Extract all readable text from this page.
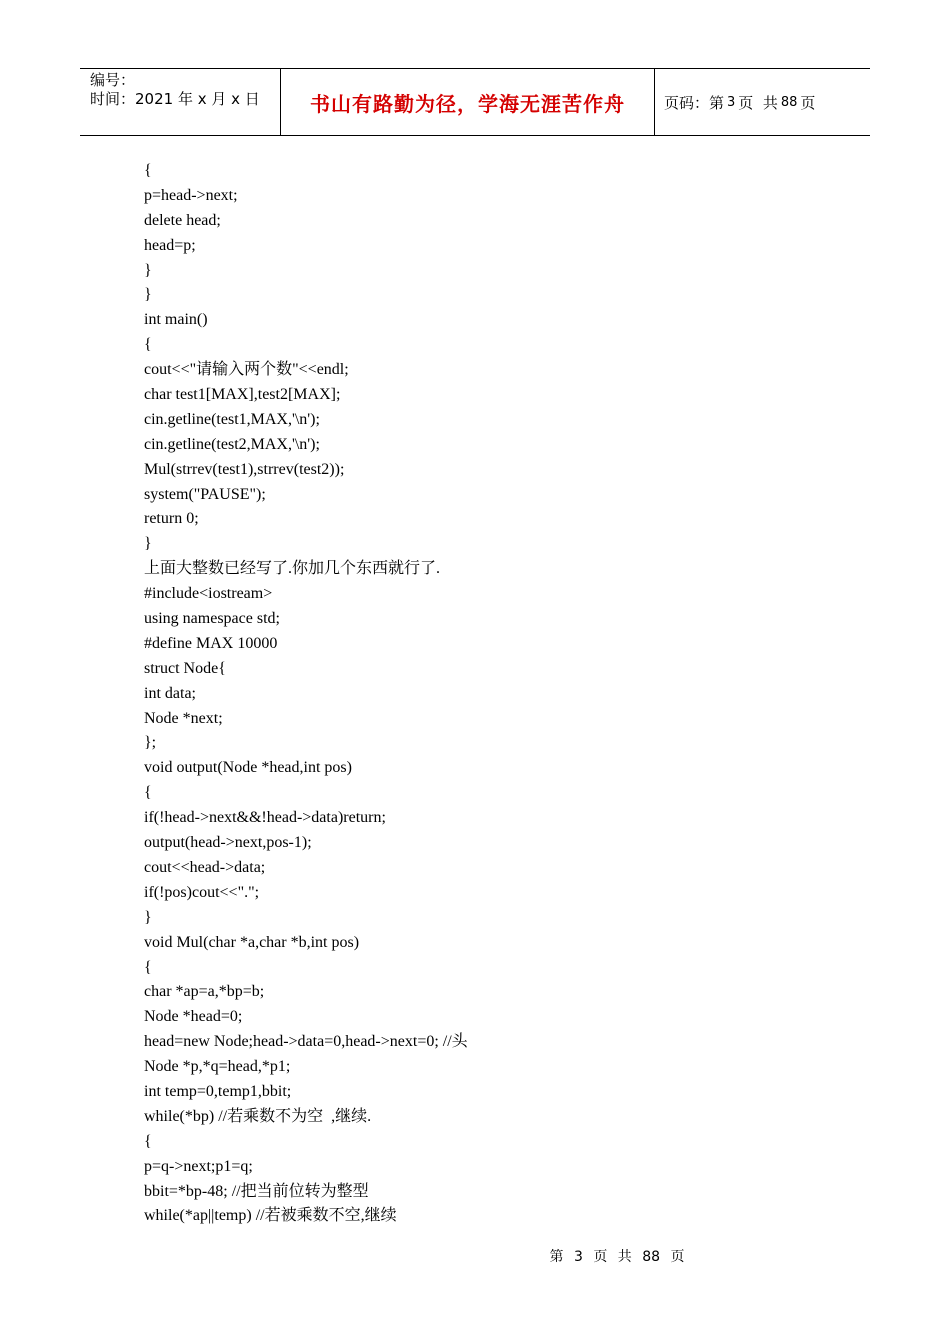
编号：
时间：2021 年 x 月 x 日	书山有路勤为径，学海无涯苦作舟	页码：第 3 页  共 88 页
{
p=head->next;
delete head;
head=p;
}
}
int main()
{
cout<<"请输入两个数"<<endl;
char test1[MAX],test2[MAX];
cin.getline(test1,MAX,'\n');
cin.getline(test2,MAX,'\n');
Mul(strrev(test1),strrev(test2));
system("PAUSE");
return 0;
}
上面大整数已经写了.你加几个东西就行了.
#include<iostream>
using namespace std;
#define MAX 10000
struct Node{
int data;
Node *next;
};
void output(Node *head,int pos)
{
if(!head->next&&!head->data)return;
output(head->next,pos-1);
cout<<head->data;
if(!pos)cout<<".";
}
void Mul(char *a,char *b,int pos)
{
char *ap=a,*bp=b;
Node *head=0;
head=new Node;head->data=0,head->next=0; //头
Node *p,*q=head,*p1;
int temp=0,temp1,bbit;
while(*bp) //若乘数不为空  ,继续.
{
p=q->next;p1=q;
bbit=*bp-48; //把当前位转为整型
while(*ap||temp) //若被乘数不空,继续
第 3 页 共 88 页
